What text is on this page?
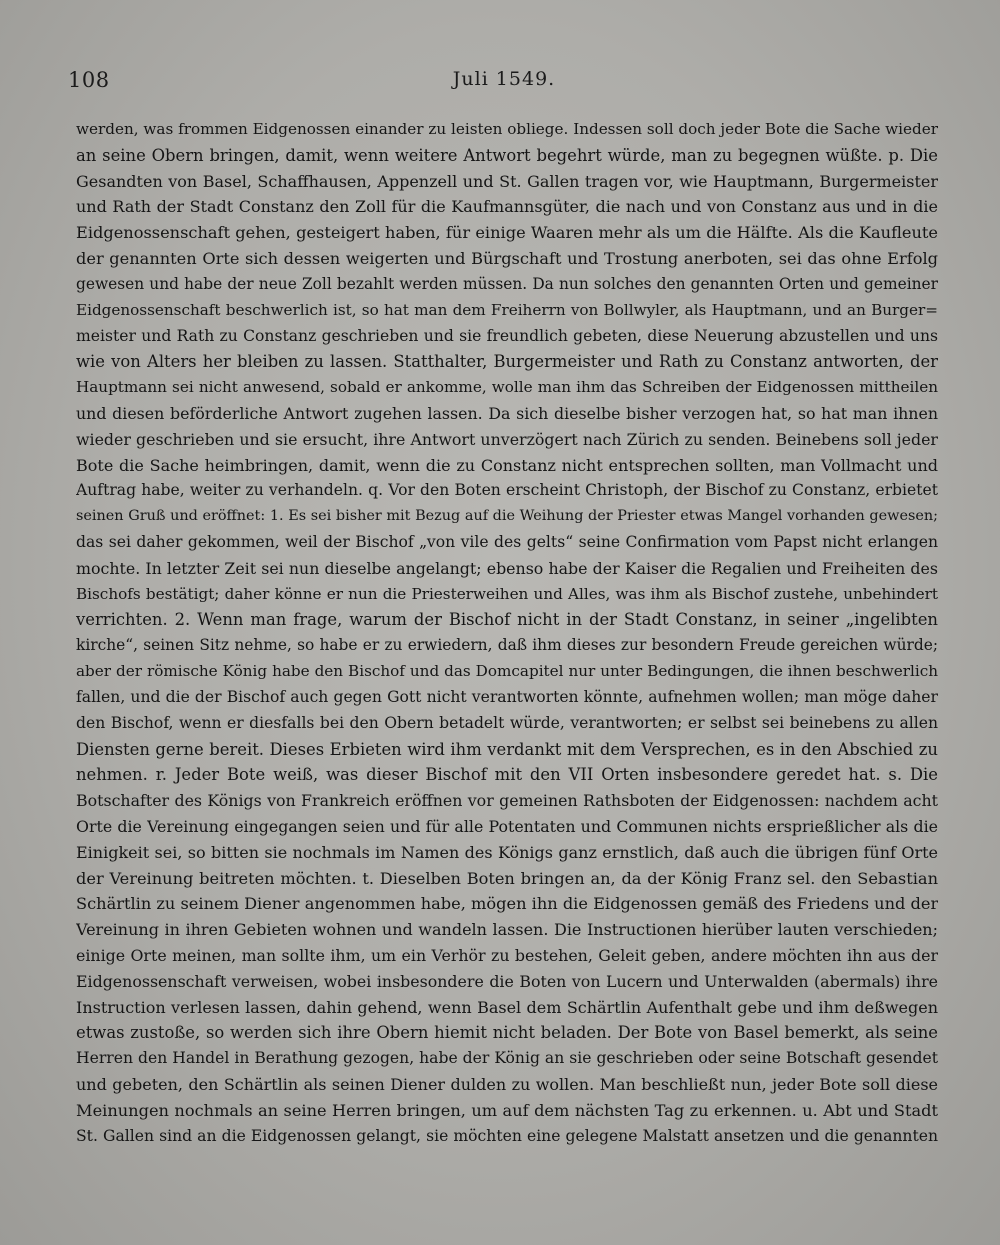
108	Juli 1549.
werden, was frommen Eidgenossen einander zu leisten obliege. Indessen soll doch jeder Bote die Sache wieder
an seine Obern bringen, damit, wenn weitere Antwort begehrt würde, man zu begegnen wüßte. p. Die
Gesandten von Basel, Schaffhausen, Appenzell und St. Gallen tragen vor, wie Hauptmann, Burgermeister
und Rath der Stadt Constanz den Zoll für die Kaufmannsgüter, die nach und von Constanz aus und in die
Eidgenossenschaft gehen, gesteigert haben, für einige Waaren mehr als um die Hälfte. Als die Kaufleute
der genannten Orte sich dessen weigerten und Bürgschaft und Trostung anerboten, sei das ohne Erfolg
gewesen und habe der neue Zoll bezahlt werden müssen. Da nun solches den genannten Orten und gemeiner
Eidgenossenschaft beschwerlich ist, so hat man dem Freiherrn von Bollwyler, als Hauptmann, und an Burger=
meister und Rath zu Constanz geschrieben und sie freundlich gebeten, diese Neuerung abzustellen und uns
wie von Alters her bleiben zu lassen. Statthalter, Burgermeister und Rath zu Constanz antworten, der
Hauptmann sei nicht anwesend, sobald er ankomme, wolle man ihm das Schreiben der Eidgenossen mittheilen
und diesen beförderliche Antwort zugehen lassen. Da sich dieselbe bisher verzogen hat, so hat man ihnen
wieder geschrieben und sie ersucht, ihre Antwort unverzögert nach Zürich zu senden. Beinebens soll jeder
Bote die Sache heimbringen, damit, wenn die zu Constanz nicht entsprechen sollten, man Vollmacht und
Auftrag habe, weiter zu verhandeln. q. Vor den Boten erscheint Christoph, der Bischof zu Constanz, erbietet
seinen Gruß und eröffnet: 1. Es sei bisher mit Bezug auf die Weihung der Priester etwas Mangel vorhanden gewesen;
das sei daher gekommen, weil der Bischof „von vile des gelts“ seine Confirmation vom Papst nicht erlangen
mochte. In letzter Zeit sei nun dieselbe angelangt; ebenso habe der Kaiser die Regalien und Freiheiten des
Bischofs bestätigt; daher könne er nun die Priesterweihen und Alles, was ihm als Bischof zustehe, unbehindert
verrichten. 2. Wenn man frage, warum der Bischof nicht in der Stadt Constanz, in seiner „ingelibten
kirche“, seinen Sitz nehme, so habe er zu erwiedern, daß ihm dieses zur besondern Freude gereichen würde;
aber der römische König habe den Bischof und das Domcapitel nur unter Bedingungen, die ihnen beschwerlich
fallen, und die der Bischof auch gegen Gott nicht verantworten könnte, aufnehmen wollen; man möge daher
den Bischof, wenn er diesfalls bei den Obern betadelt würde, verantworten; er selbst sei beinebens zu allen
Diensten gerne bereit. Dieses Erbieten wird ihm verdankt mit dem Versprechen, es in den Abschied zu
nehmen. r. Jeder Bote weiß, was dieser Bischof mit den VII Orten insbesondere geredet hat. s. Die
Botschafter des Königs von Frankreich eröffnen vor gemeinen Rathsboten der Eidgenossen: nachdem acht
Orte die Vereinung eingegangen seien und für alle Potentaten und Communen nichts ersprießlicher als die
Einigkeit sei, so bitten sie nochmals im Namen des Königs ganz ernstlich, daß auch die übrigen fünf Orte
der Vereinung beitreten möchten. t. Dieselben Boten bringen an, da der König Franz sel. den Sebastian
Schärtlin zu seinem Diener angenommen habe, mögen ihn die Eidgenossen gemäß des Friedens und der
Vereinung in ihren Gebieten wohnen und wandeln lassen. Die Instructionen hierüber lauten verschieden;
einige Orte meinen, man sollte ihm, um ein Verhör zu bestehen, Geleit geben, andere möchten ihn aus der
Eidgenossenschaft verweisen, wobei insbesondere die Boten von Lucern und Unterwalden (abermals) ihre
Instruction verlesen lassen, dahin gehend, wenn Basel dem Schärtlin Aufenthalt gebe und ihm deßwegen
etwas zustoße, so werden sich ihre Obern hiemit nicht beladen. Der Bote von Basel bemerkt, als seine
Herren den Handel in Berathung gezogen, habe der König an sie geschrieben oder seine Botschaft gesendet
und gebeten, den Schärtlin als seinen Diener dulden zu wollen. Man beschließt nun, jeder Bote soll diese
Meinungen nochmals an seine Herren bringen, um auf dem nächsten Tag zu erkennen. u. Abt und Stadt
St. Gallen sind an die Eidgenossen gelangt, sie möchten eine gelegene Malstatt ansetzen und die genannten
